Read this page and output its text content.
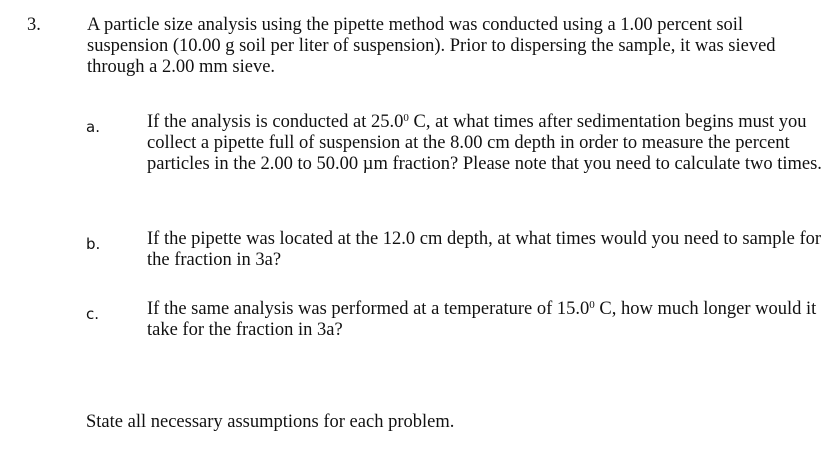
3. A particle size analysis using the pipette method was conducted using a 1.00 percent soil suspension (10.00 g soil per liter of suspension). Prior to dispersing the sample, it was sieved through a 2.00 mm sieve.
a.	If the analysis is conducted at 25.0$^0$ C, at what times after sedimentation begins must you collect a pipette full of suspension at the 8.00 cm depth in order to measure the percent particles in the 2.00 to 50.00 µm fraction? Please note that you need to calculate two times.
b.	If the pipette was located at the 12.0 cm depth, at what times would you need to sample for the fraction in 3a?
c.	If the same analysis was performed at a temperature of 15.0$^0$ C, how much longer would it take for the fraction in 3a?
State all necessary assumptions for each problem.
